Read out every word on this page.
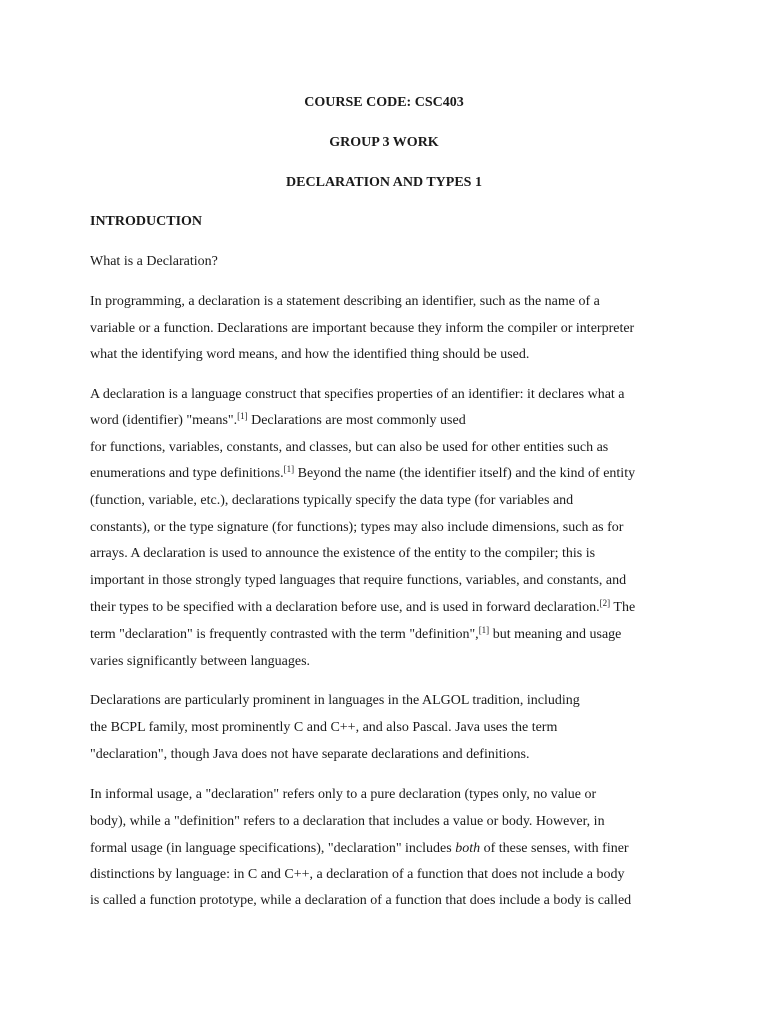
COURSE CODE: CSC403

GROUP 3 WORK

DECLARATION AND TYPES 1

INTRODUCTION

What is a Declaration?

In programming, a declaration is a statement describing an identifier, such as the name of a

variable or a function. Declarations are important because they inform the compiler or interpreter

what the identifying word means, and how the identified thing should be used.

A declaration is a language construct that specifies properties of an identifier: it declares what a

word (identifier) "means".[1] Declarations are most commonly used

for functions, variables, constants, and classes, but can also be used for other entities such as

enumerations and type definitions.[1] Beyond the name (the identifier itself) and the kind of entity

(function, variable, etc.), declarations typically specify the data type (for variables and

constants), or the type signature (for functions); types may also include dimensions, such as for

arrays. A declaration is used to announce the existence of the entity to the compiler; this is

important in those strongly typed languages that require functions, variables, and constants, and

their types to be specified with a declaration before use, and is used in forward declaration.[2] The

term "declaration" is frequently contrasted with the term "definition",[1] but meaning and usage

varies significantly between languages.

Declarations are particularly prominent in languages in the ALGOL tradition, including

the BCPL family, most prominently C and C++, and also Pascal. Java uses the term

"declaration", though Java does not have separate declarations and definitions.

In informal usage, a "declaration" refers only to a pure declaration (types only, no value or

body), while a "definition" refers to a declaration that includes a value or body. However, in

formal usage (in language specifications), "declaration" includes both of these senses, with finer

distinctions by language: in C and C++, a declaration of a function that does not include a body

is called a function prototype, while a declaration of a function that does include a body is called
